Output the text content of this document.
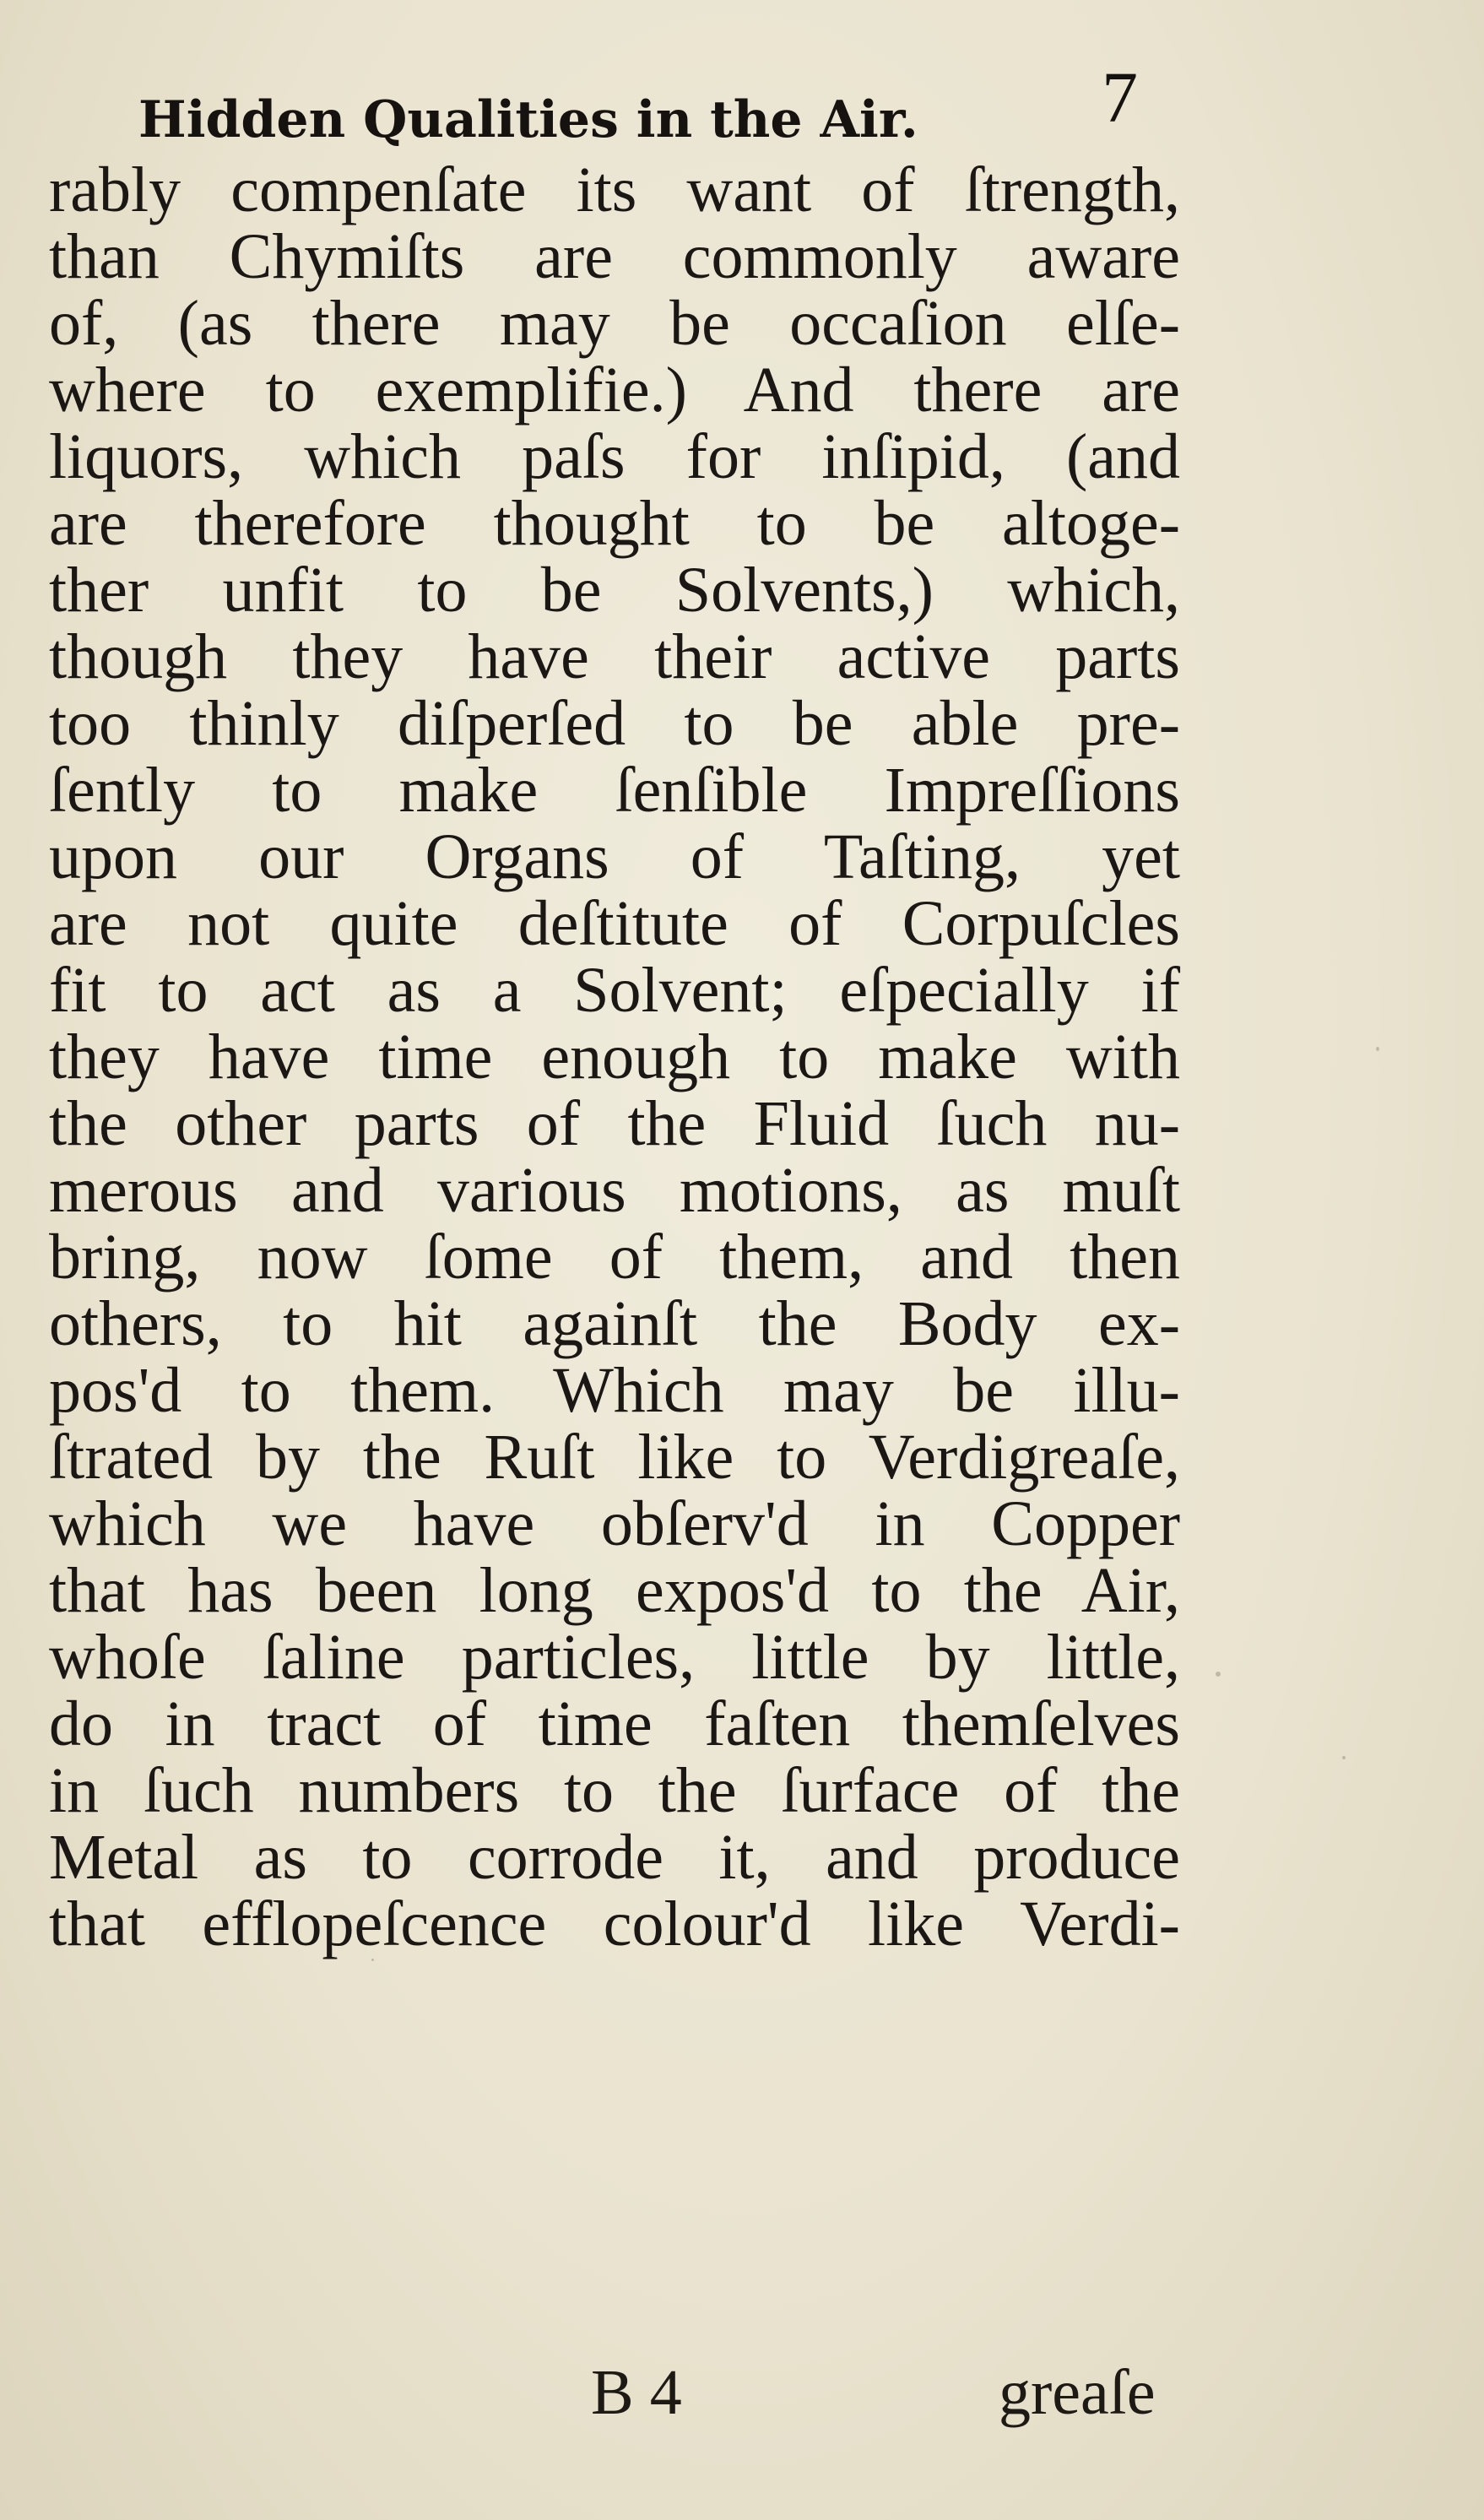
Hidden Qualities in the Air.	7
rably compenſate its want of ſtrength,
than Chymiſts are commonly aware
of, (as there may be occaſion elſe-
where to exemplifie.) And there are
liquors, which paſs for inſipid, (and
are therefore thought to be altoge-
ther unfit to be Solvents,) which,
though they have their active parts
too thinly diſperſed to be able pre-
ſently to make ſenſible Impreſſions
upon our Organs of Taſting, yet
are not quite deſtitute of Corpuſcles
fit to act as a Solvent; eſpecially if
they have time enough to make with
the other parts of the Fluid ſuch nu-
merous and various motions, as muſt
bring, now ſome of them, and then
others, to hit againſt the Body ex-
pos'd to them. Which may be illu-
ſtrated by the Ruſt like to Verdigreaſe,
which we have obſerv'd in Copper
that has been long expos'd to the Air,
whoſe ſaline particles, little by little,
do in tract of time faſten themſelves
in ſuch numbers to the ſurface of the
Metal as to corrode it, and produce
that efflореſcence colour'd like Verdi-
B 4	greaſe
